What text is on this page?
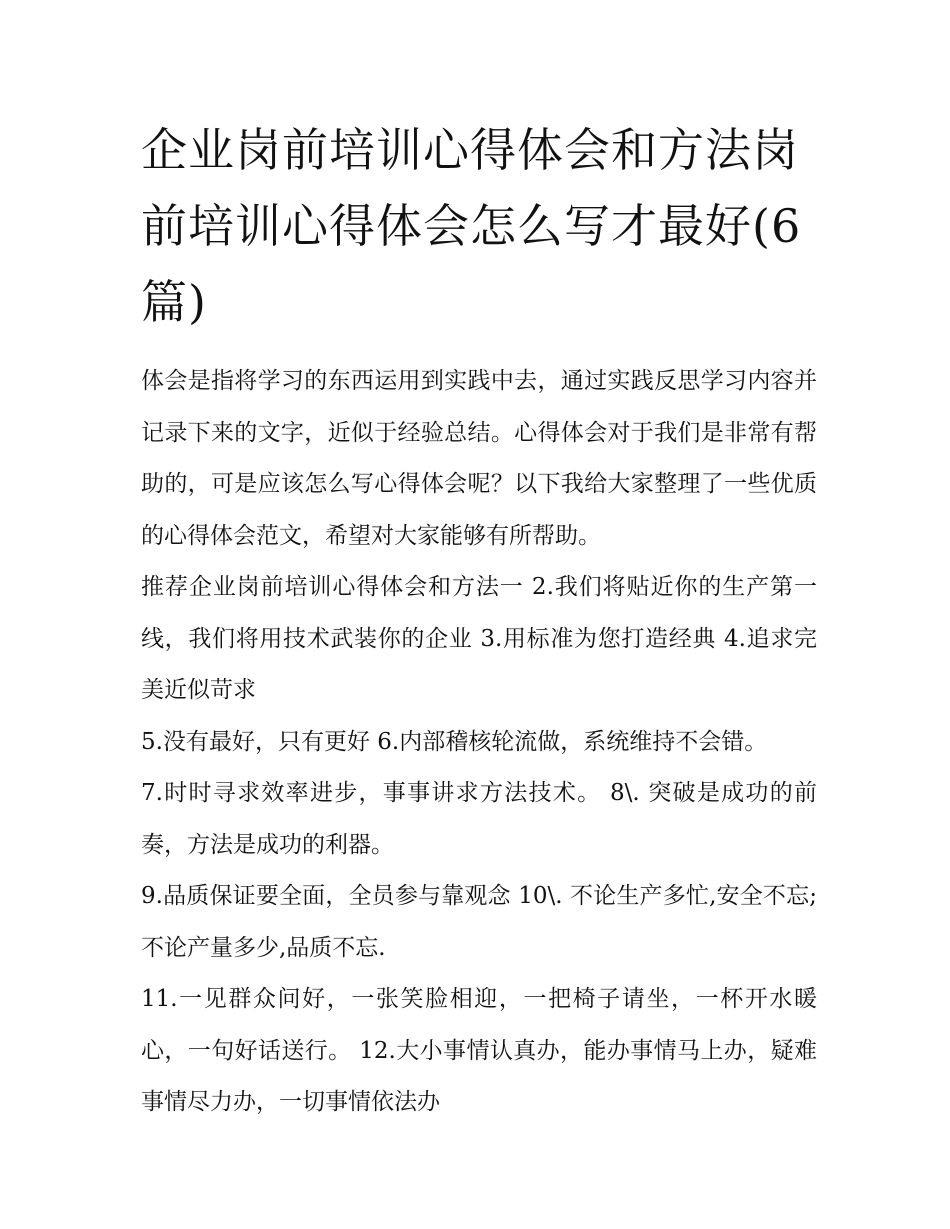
企业岗前培训心得体会和方法岗前培训心得体会怎么写才最好(6篇)

体会是指将学习的东西运用到实践中去，通过实践反思学习内容并记录下来的文字，近似于经验总结。心得体会对于我们是非常有帮助的，可是应该怎么写心得体会呢？以下我给大家整理了一些优质的心得体会范文，希望对大家能够有所帮助。

推荐企业岗前培训心得体会和方法一 2.我们将贴近你的生产第一线，我们将用技术武装你的企业 3.用标准为您打造经典 4.追求完美近似苛求

5.没有最好，只有更好 6.内部稽核轮流做，系统维持不会错。

7.时时寻求效率进步，事事讲求方法技术。 8\. 突破是成功的前奏，方法是成功的利器。

9.品质保证要全面，全员参与靠观念 10\. 不论生产多忙,安全不忘;不论产量多少,品质不忘.

11.一见群众问好，一张笑脸相迎，一把椅子请坐，一杯开水暖心，一句好话送行。 12.大小事情认真办，能办事情马上办，疑难事情尽力办，一切事情依法办
